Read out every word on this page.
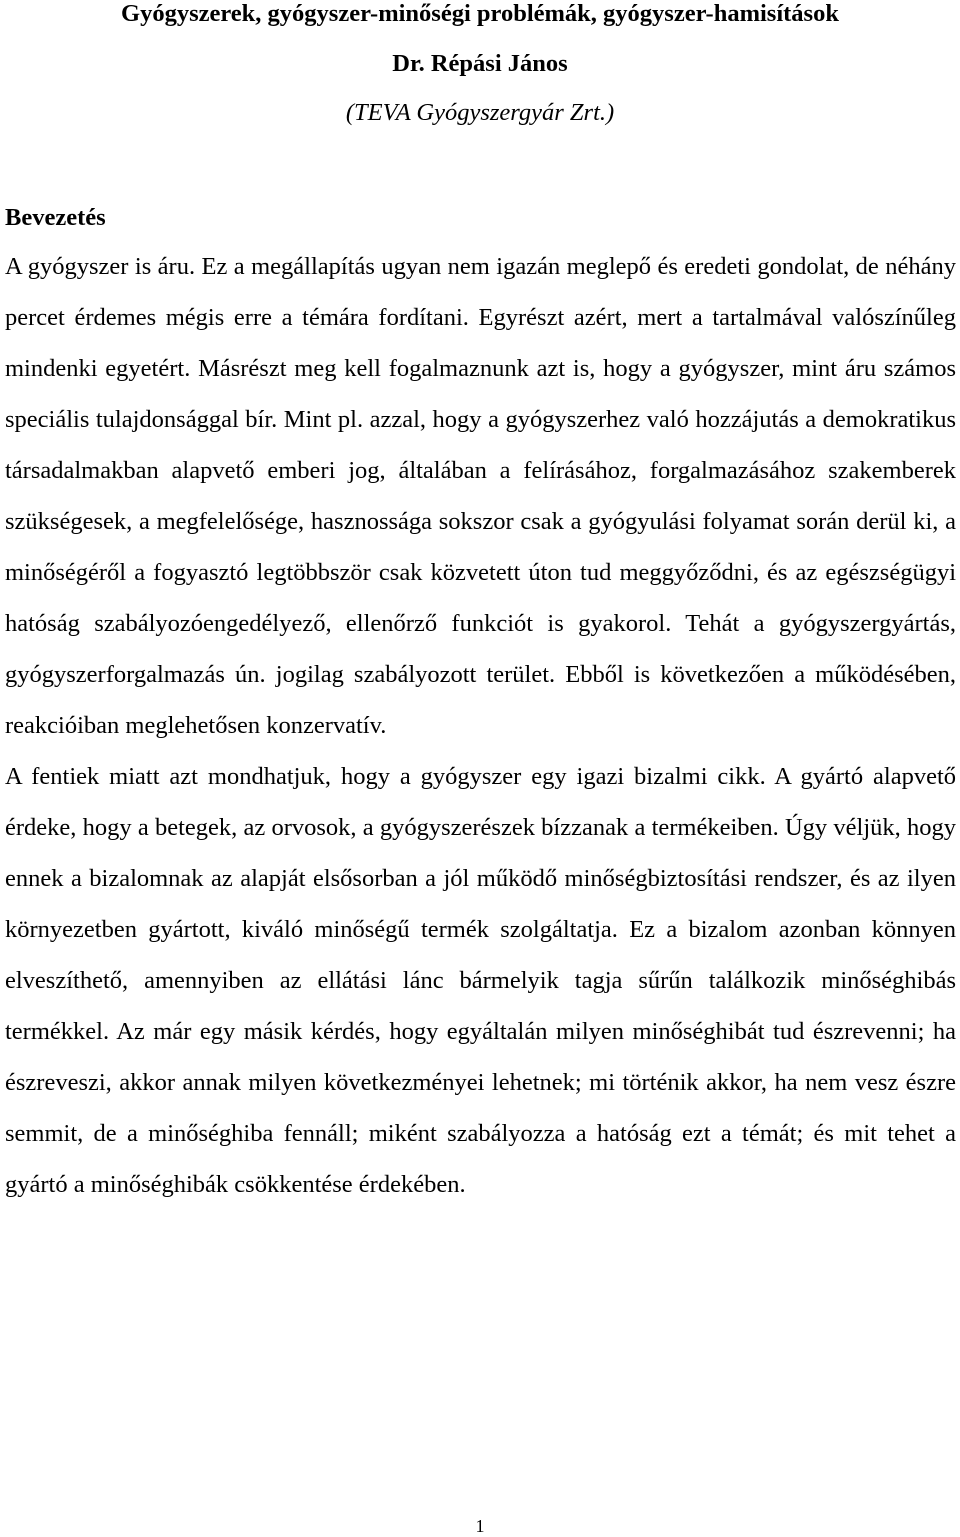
Gyógyszerek, gyógyszer-minőségi problémák, gyógyszer-hamisítások
Dr. Répási János
(TEVA Gyógyszergyár Zrt.)
Bevezetés

A gyógyszer is áru. Ez a megállapítás ugyan nem igazán meglepő és eredeti gondolat, de néhány percet érdemes mégis erre a témára fordítani. Egyrészt azért, mert a tartalmával valószínűleg mindenki egyetért. Másrészt meg kell fogalmaznunk azt is, hogy a gyógyszer, mint áru számos speciális tulajdonsággal bír. Mint pl. azzal, hogy a gyógyszerhez való hozzájutás a demokratikus társadalmakban alapvető emberi jog, általában a felírásához, forgalmazásához szakemberek szükségesek, a megfelelősége, hasznossága sokszor csak a gyógyulási folyamat során derül ki, a minőségéről a fogyasztó legtöbbször csak közvetett úton tud meggyőződni, és az egészségügyi hatóság szabályozóengedélyező, ellenőrző funkciót is gyakorol. Tehát a gyógyszergyártás, gyógyszerforgalmazás ún. jogilag szabályozott terület. Ebből is következően a működésében, reakcióiban meglehetősen konzervatív.

A fentiek miatt azt mondhatjuk, hogy a gyógyszer egy igazi bizalmi cikk. A gyártó alapvető érdeke, hogy a betegek, az orvosok, a gyógyszerészek bízzanak a termékeiben. Úgy véljük, hogy ennek a bizalomnak az alapját elsősorban a jól működő minőségbiztosítási rendszer, és az ilyen környezetben gyártott, kiváló minőségű termék szolgáltatja. Ez a bizalom azonban könnyen elveszíthető, amennyiben az ellátási lánc bármelyik tagja sűrűn találkozik minőséghibás termékkel. Az már egy másik kérdés, hogy egyáltalán milyen minőséghibát tud észrevenni; ha észreveszi, akkor annak milyen következményei lehetnek; mi történik akkor, ha nem vesz észre semmit, de a minőséghiba fennáll; miként szabályozza a hatóság ezt a témát; és mit tehet a gyártó a minőséghibák csökkentése érdekében.

1
